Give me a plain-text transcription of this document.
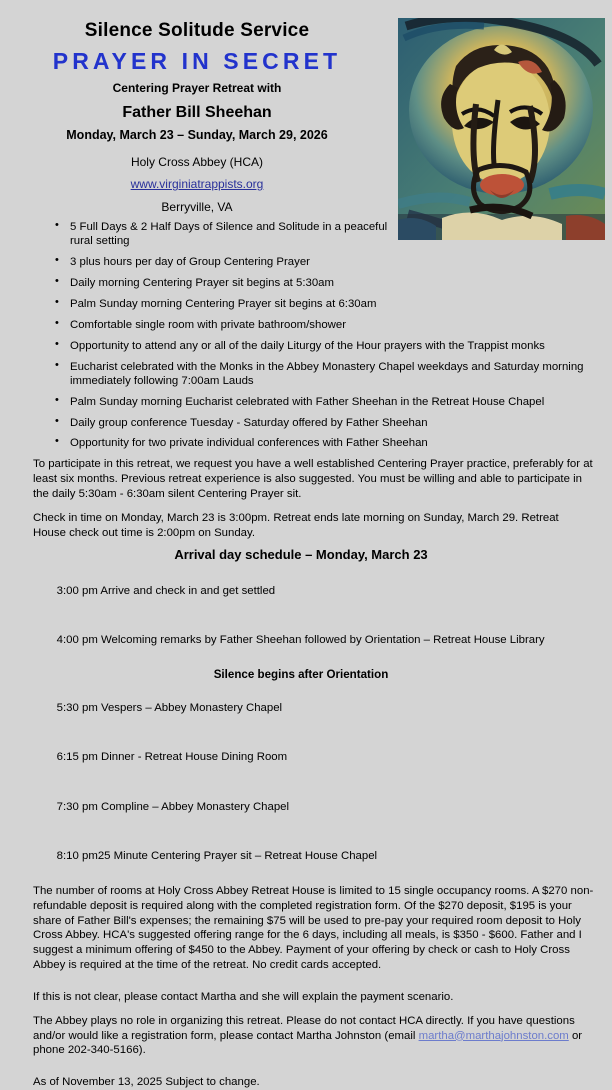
Silence Solitude Service
PRAYER IN SECRET
Centering Prayer Retreat with
Father Bill Sheehan
Monday, March 23 – Sunday, March 29, 2026
Holy Cross Abbey (HCA)
www.virginiatrappists.org
Berryville, VA
• 5 Full Days & 2 Half Days of Silence and Solitude in a peaceful rural setting
• 3 plus hours per day of Group Centering Prayer
• Daily morning Centering Prayer sit begins at 5:30am
• Palm Sunday morning Centering Prayer sit begins at 6:30am
• Comfortable single room with private bathroom/shower
• Opportunity to attend any or all of the daily Liturgy of the Hour prayers with the Trappist monks
• Eucharist celebrated with the Monks in the Abbey Monastery Chapel weekdays and Saturday morning immediately following 7:00am Lauds
• Palm Sunday morning Eucharist celebrated with Father Sheehan in the Retreat House Chapel
• Daily group conference Tuesday - Saturday offered by Father Sheehan
• Opportunity for two private individual conferences with Father Sheehan
To participate in this retreat, we request you have a well established Centering Prayer practice, preferably for at least six months. Previous retreat experience is also suggested. You must be willing and able to participate in the daily 5:30am - 6:30am silent Centering Prayer sit.
Check in time on Monday, March 23 is 3:00pm. Retreat ends late morning on Sunday, March 29. Retreat House check out time is 2:00pm on Sunday.
Arrival day schedule – Monday, March 23

3:00 pm Arrive and check in and get settled

4:00 pm Welcoming remarks by Father Sheehan followed by Orientation – Retreat House Library

Silence begins after Orientation

5:30 pm Vespers – Abbey Monastery Chapel

6:15 pm Dinner - Retreat House Dining Room

7:30 pm Compline – Abbey Monastery Chapel

8:10 pm25 Minute Centering Prayer sit – Retreat House Chapel

The number of rooms at Holy Cross Abbey Retreat House is limited to 15 single occupancy rooms. A $270 non-refundable deposit is required along with the completed registration form. Of the $270 deposit, $195 is your share of Father Bill's expenses; the remaining $75 will be used to pre-pay your required room deposit to Holy Cross Abbey. HCA's suggested offering range for the 6 days, including all meals, is $350 - $600. Father and I suggest a minimum offering of $450 to the Abbey. Payment of your offering by check or cash to Holy Cross Abbey is required at the time of the retreat. No credit cards accepted.
If this is not clear, please contact Martha and she will explain the payment scenario.
The Abbey plays no role in organizing this retreat. Please do not contact HCA directly. If you have questions and/or would like a registration form, please contact Martha Johnston (email martha@marthajohnston.com or phone 202-340-5166).
As of November 13, 2025 Subject to change.
